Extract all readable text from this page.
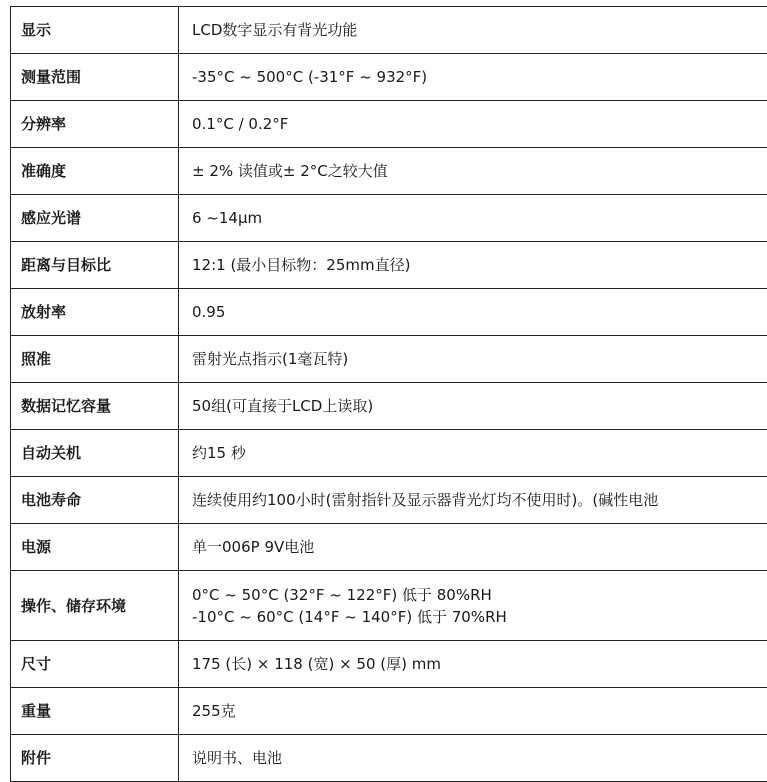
显示	LCD数字显示有背光功能
测量范围	-35°C ~ 500°C (-31°F ~ 932°F)
分辨率	0.1°C / 0.2°F
准确度	± 2% 读值或± 2°C之较大值
感应光谱	6 ~14μm
距离与目标比	12:1 (最小目标物：25mm直径)
放射率	0.95
照准	雷射光点指示(1毫瓦特)
数据记忆容量	50组(可直接于LCD上读取)
自动关机	约15 秒
电池寿命	连续使用约100小时(雷射指针及显示器背光灯均不使用时)。(碱性电池
电源	单一006P 9V电池
操作、储存环境	0°C ~ 50°C (32°F ~ 122°F) 低于 80%RH
-10°C ~ 60°C (14°F ~ 140°F) 低于 70%RH

尺寸	175 (长) × 118 (宽) × 50 (厚) mm
重量	255克
附件	说明书、电池
